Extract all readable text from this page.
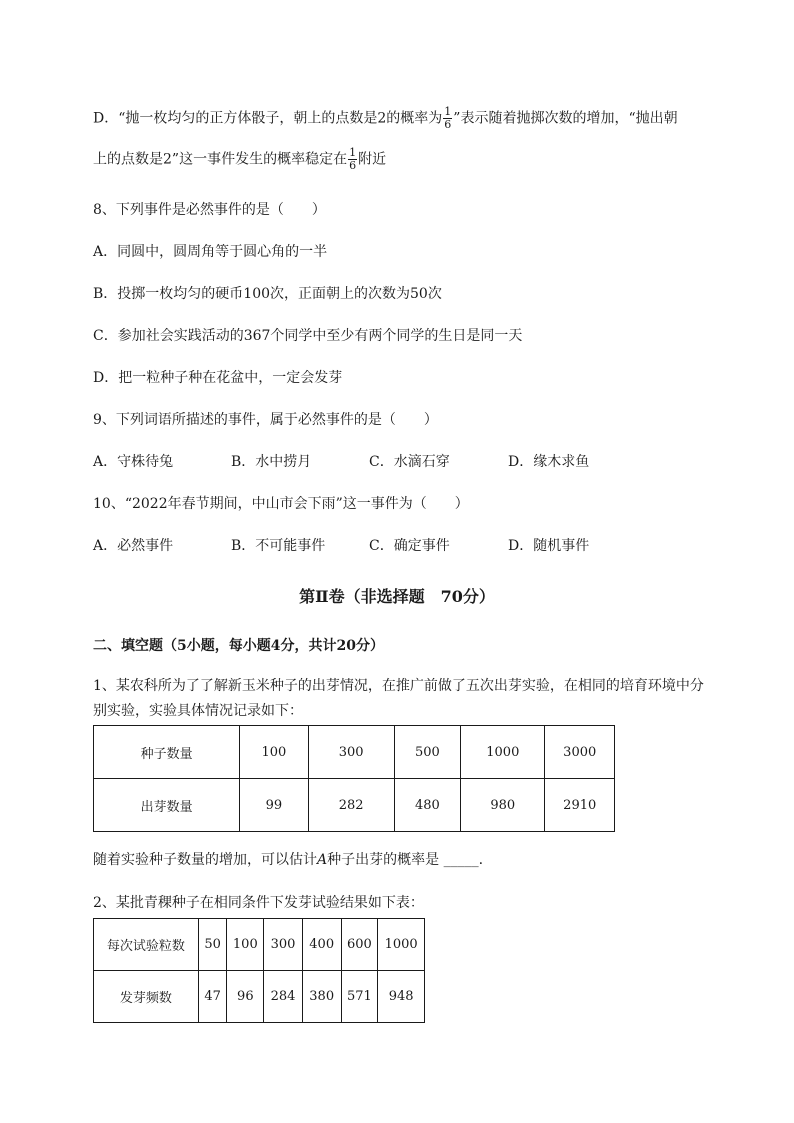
D．“抛一枚均匀的正方体骰子，朝上的点数是2的概率为 $\frac{1}{6}$ ”表示随着抛掷次数的增加，“抛出朝
上的点数是2”这一事件发生的概率稳定在 $\frac{1}{6}$ 附近
8、下列事件是必然事件的是（　　）
A．同圆中，圆周角等于圆心角的一半
B．投掷一枚均匀的硬币100次，正面朝上的次数为50次
C．参加社会实践活动的367个同学中至少有两个同学的生日是同一天
D．把一粒种子种在花盆中，一定会发芽
9、下列词语所描述的事件，属于必然事件的是（　　）
A．守株待兔	B．水中捞月	C．水滴石穿	D．缘木求鱼
10、“2022年春节期间，中山市会下雨”这一事件为（　　）
A．必然事件	B．不可能事件	C．确定事件	D．随机事件
第Ⅱ卷（非选择题　70分）
二、填空题（5小题，每小题4分，共计20分）
1、某农科所为了了解新玉米种子的出芽情况，在推广前做了五次出芽实验，在相同的培育环境中分
别实验，实验具体情况记录如下：
种子数量	100	300	500	1000	3000
出芽数量	99	282	480	980	2910
随着实验种子数量的增加，可以估计A种子出芽的概率是 _____.
2、某批青稞种子在相同条件下发芽试验结果如下表：
每次试验粒数	50	100	300	400	600	1000
发芽频数	47	96	284	380	571	948
